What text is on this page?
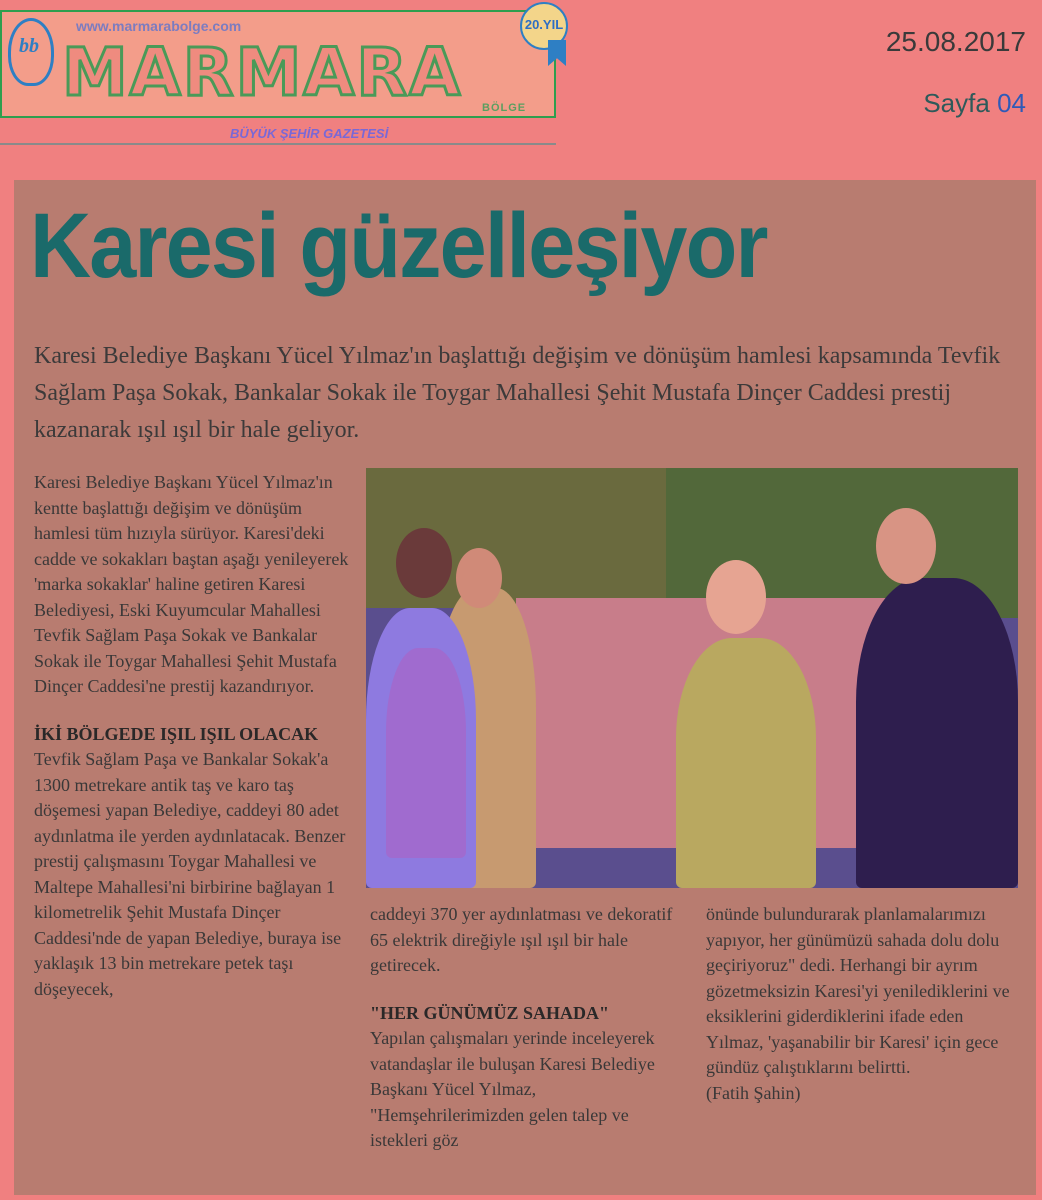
bb
www.marmarabolge.com
MARMARA BÖLGE
20.YIL
BÜYÜK ŞEHİR GAZETESİ
25.08.2017
Sayfa 04
Karesi güzelleşiyor
Karesi Belediye Başkanı Yücel Yılmaz'ın başlattığı değişim ve dönüşüm hamlesi kapsamında Tevfik Sağlam Paşa Sokak, Bankalar Sokak ile Toygar Mahallesi Şehit Mustafa Dinçer Caddesi prestij kazanarak ışıl ışıl bir hale geliyor.

Karesi Belediye Başkanı Yücel Yılmaz'ın kentte başlattığı değişim ve dönüşüm hamlesi tüm hızıyla sürüyor. Karesi'deki cadde ve sokakları baştan aşağı yenileyerek 'marka sokaklar' haline getiren Karesi Belediyesi, Eski Kuyumcular Mahallesi Tevfik Sağlam Paşa Sokak ve Bankalar Sokak ile Toygar Mahallesi Şehit Mustafa Dinçer Caddesi'ne prestij kazandırıyor.

İKİ BÖLGEDE IŞIL IŞIL OLACAK

Tevfik Sağlam Paşa ve Bankalar Sokak'a 1300 metrekare antik taş ve karo taş döşemesi yapan Belediye, caddeyi 80 adet aydınlatma ile yerden aydınlatacak. Benzer prestij çalışmasını Toygar Mahallesi ve Maltepe Mahallesi'ni birbirine bağlayan 1 kilometrelik Şehit Mustafa Dinçer Caddesi'nde de yapan Belediye, buraya ise yaklaşık 13 bin metrekare petek taşı döşeyecek,

caddeyi 370 yer aydınlatması ve dekoratif 65 elektrik direğiyle ışıl ışıl bir hale getirecek.

"HER GÜNÜMÜZ SAHADA"

Yapılan çalışmaları yerinde inceleyerek vatandaşlar ile buluşan Karesi Belediye Başkanı Yücel Yılmaz, "Hemşehrilerimizden gelen talep ve istekleri göz

önünde bulundurarak planlamalarımızı yapıyor, her günümüzü sahada dolu dolu geçiriyoruz" dedi. Herhangi bir ayrım gözetmeksizin Karesi'yi yenilediklerini ve eksiklerini giderdiklerini ifade eden Yılmaz, 'yaşanabilir bir Karesi' için gece gündüz çalıştıklarını belirtti.

(Fatih Şahin)
